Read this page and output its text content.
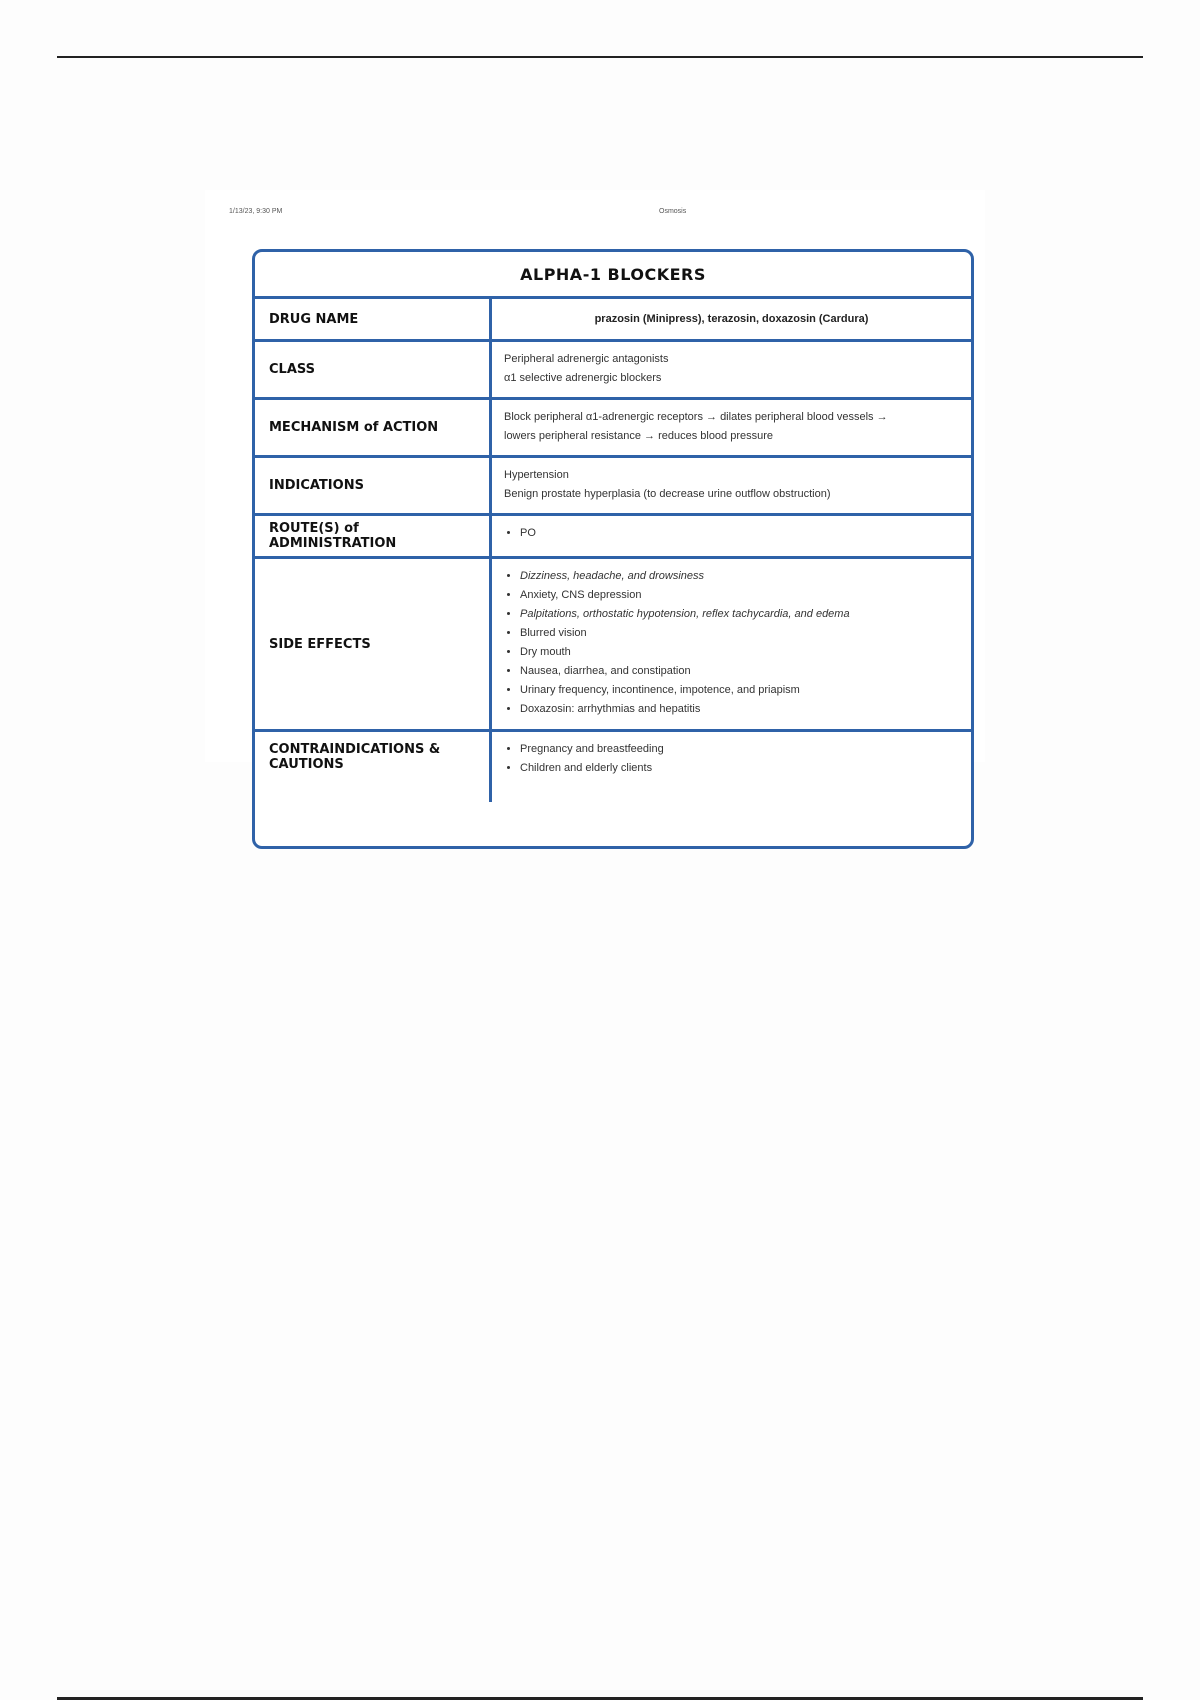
1/13/23, 9:30 PM	Osmosis
ALPHA-1 BLOCKERS
DRUG NAME	prazosin (Minipress), terazosin, doxazosin (Cardura)

CLASS

Peripheral adrenergic antagonists

α1 selective adrenergic blockers

MECHANISM of ACTION

Block peripheral α1-adrenergic receptors → dilates peripheral blood vessels →

lowers peripheral resistance → reduces blood pressure

INDICATIONS

Hypertension

Benign prostate hyperplasia (to decrease urine outflow obstruction)

ROUTE(S) of ADMINISTRATION
• PO
SIDE EFFECTS
• Dizziness, headache, and drowsiness
• Anxiety, CNS depression
• Palpitations, orthostatic hypotension, reflex tachycardia, and edema
• Blurred vision
• Dry mouth
• Nausea, diarrhea, and constipation
• Urinary frequency, incontinence, impotence, and priapism
• Doxazosin: arrhythmias and hepatitis
CONTRAINDICATIONS & CAUTIONS
• Pregnancy and breastfeeding
• Children and elderly clients
